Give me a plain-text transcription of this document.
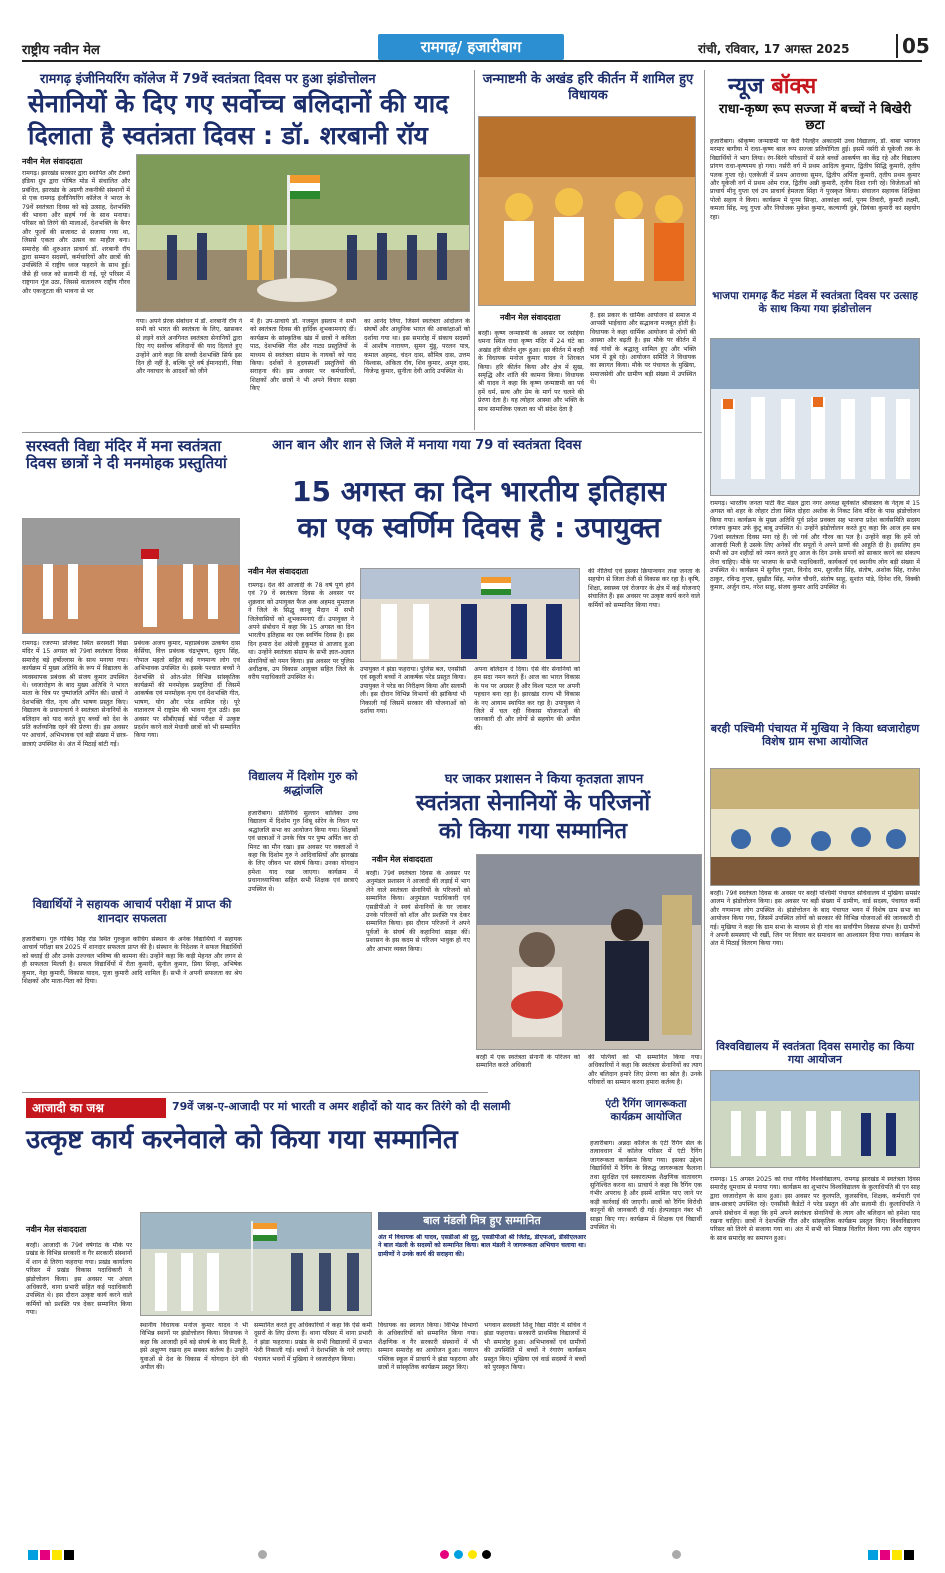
राष्ट्रीय नवीन मेल	रामगढ़/ हजारीबाग	रांची, रविवार, 17 अगस्त 2025	05
रामगढ़ इंजीनियरिंग कॉलेज में 79वें स्वतंत्रता दिवस पर हुआ झंडोत्तोलन
सेनानियों के दिए गए सर्वोच्च बलिदानों की याद
दिलाता है स्वतंत्रता दिवस : डॉ. शरबानी रॉय
नवीन मेल संवाददाता
रामगढ़। झारखंड सरकार द्वारा स्थापित और टेक्नो इंडिया ग्रुप द्वारा पोषित मोड में संचालित और प्रबंधित, झारखंड के अग्रणी तकनीकी संस्थानों में से एक रामगढ़ इंजीनियरिंग कॉलेज ने भारत के 79वें स्वतंत्रता दिवस को बड़े उत्साह, देशभक्ति की भावना और सहर्ष गर्व के साथ मनाया। परिसर को तिरंगे की मालाओं, देशभक्ति के बैनर और फूलों की सजावट से सजाया गया था, जिससे एकता और उत्सव का माहौल बना। समारोह की शुरुआत प्राचार्य डॉ. शरबानी रॉय द्वारा सम्मान सदस्यों, कर्मचारियों और छात्रों की उपस्थिति में राष्ट्रीय ध्वज फहराने के साथ हुई। जैसे ही ध्वज को सलामी दी गई, पूरे परिसर में राष्ट्रगान गूंज उठा, जिससे वातावरण राष्ट्रीय गौरव और एकजुटता की भावना से भर
गया। अपने प्रेरक संबोधन में डॉ. शरबानी रॉय ने सभी को भारत की स्वतंत्रता के लिए, खासकर से लड़ने वाले अनगिनत स्वतंत्रता सेनानियों द्वारा दिए गए सर्वोच्च बलिदानों की याद दिलाते हुए उन्होंने आगे कहा कि सच्ची देशभक्ति सिर्फ इस दिन ही नहीं है, बल्कि पूरे वर्ष ईमानदारी, निष्ठा और नवाचार के आदर्शों को जीने
में हैं। उप-प्राचार्य डॉ. नजमुल इस्लाम ने सभी को स्वतंत्रता दिवस की हार्दिक शुभकामनाएं दीं। कार्यक्रम के सांस्कृतिक खंड में छात्रों ने कविता पाठ, देशभक्ति गीत और नाट्य प्रस्तुतियों के माध्यम से स्वतंत्रता संग्राम के नायकों को याद किया। दर्शकों ने हृदयस्पर्शी प्रस्तुतियों की सराहना की। इस अवसर पर कर्मचारियों, शिक्षकों और छात्रों ने भी अपने विचार साझा किए
का आनंद लिया, जिसने स्वतंत्रता आंदोलन के संघर्षों और आधुनिक भारत की आकांक्षाओं को दर्शाया गया था। इस समारोह में संकाय सदस्यों में आशीष नारायण, सुमन मुंडू, परलन पात्र, कमाल अहमद, चंदन दास, सौमित्र दास, उत्तम विश्वास, अंकिता रॉय, शिव कुमार, अमृत दास, विजेन्द्र कुमार, सुनीता देवी आदि उपस्थित थे।
जन्माष्टमी के अखंड हरि कीर्तन में शामिल हुए विधायक
नवीन मेल संवाददाता
बरही। कृष्ण जन्माष्टमी के अवसर पर रसोईया धमना स्थित राधा कृष्ण मंदिर में 24 घंटे का अखंड हरि कीर्तन शुरू हुआ। इस कीर्तन में बरही के विधायक मनोज कुमार यादव ने शिरकत किया। हरि कीर्तन किया और क्षेत्र में सुख, समृद्धि और शांति की कामना किया। विधायक श्री यादव ने कहा कि कृष्ण जन्माष्टमी का पर्व हमें धर्म, सत्य और प्रेम के मार्ग पर चलने की प्रेरणा देता है। यह त्योहार आस्था और भक्ति के साथ सामाजिक एकता का भी संदेश देता है
है. इस प्रकार के धार्मिक आयोजन से समाज में आपसी भाईचारा और सद्भावना मजबूत होती है। विधायक ने कहा धार्मिक आयोजन से लोगों की आस्था और बढ़ती है। इस मौके पर कीर्तन में कई गांवों के श्रद्धालु शामिल हुए और भक्ति भाव में डूबे रहे। आयोजन समिति ने विधायक का स्वागत किया। मौके पर पंचायत के मुखिया, समाजसेवी और ग्रामीण बड़ी संख्या में उपस्थित थे।
न्यूज बॉक्स
राधा-कृष्ण रूप सज्जा में बच्चों ने बिखेरी छटा
हजारीबाग। श्रीकृष्ण जन्माष्टमी पर कैरी पिलहैन अकादमी उच्च विद्यालय, डॉ. बाबा भागवत मरमार बागीया में राधा-कृष्ण बाल रूप सज्जा प्रतियोगिता हुई। इसमें नर्सरी से यूकेजी तक के विद्यार्थियों ने भाग लिया। रंग-बिरंगे परिधानों में सजे बच्चों आकर्षण का केंद्र रहे और विद्यालय प्रांगण राधा-कृष्णमय हो गया। नर्सरी वर्ग में प्रथम आदित्य कुमार, द्वितीय सिद्धि कुमारी, तृतीय पलक गुप्ता रहे। एलकेजी में प्रथम आराध्या सुमन, द्वितीय अर्पिता कुमारी, तृतीय प्रथम कुमार और यूकेजी वर्ग में प्रथम ओम राज, द्वितीय अन्नी कुमारी, तृतीय दिशा रानी रहे। विजेताओं को प्राचार्य मीनू गुप्ता एवं उप प्राचार्य हेमलता सिंहा ने पुरस्कृत किया। संचालन सहायक शिक्षिका पोलो सहाय ने किया। कार्यक्रम में पूनम सिन्हा, आकांक्षा वर्मा, पूनम तिवारी, कुमारी लक्ष्मी, कमला सिंह, मधु गुप्ता और नियोजक मुकेश कुमार, कल्याणी दुबे, प्रियंका कुमारी का सहयोग रहा।
भाजपा रामगढ़ कैंट मंडल में स्वतंत्रता दिवस पर उत्साह के साथ किया गया झंडोत्तोलन
रामगढ़। भारतीय जनता पार्टी कैंट मंडल द्वारा नगर अध्यक्ष सूर्यकांत श्रीवास्तव के नेतृत्व में 15 अगस्त को शहर के लोहार टोला स्थित दोहरा अशोक के निकट शिव मंदिर के पास झंडोत्तोलन किया गया। कार्यक्रम के मुख्य अतिथि पूर्व प्रदेश प्रवक्ता सह भाजपा प्रदेश कार्यसमिति सदस्य रणंजय कुमार उर्फ कुंटू बाबू उपस्थित थे। उन्होंने झंडोत्तोलन करते हुए कहा कि आज हम सब 79वां स्वतंत्रता दिवस मना रहे हैं। जो गर्व और गौरव का पल है। उन्होंने कहा कि हमें जो आजादी मिली है उसके लिए अनेकों वीर सपूतों ने अपने प्राणों की आहुति दी है। इसलिए हम सभी को उन शहीदों को नमन करते हुए आज के दिन उनके सपनों को साकार करने का संकल्प लेना चाहिए। मौके पर भाजपा के सभी पदाधिकारी, कार्यकर्ता एवं स्थानीय लोग बड़ी संख्या में उपस्थित थे। कार्यक्रम में सुनील गुप्ता, विनोद राम, सुरजीत सिंह, संतोष, अशोक सिंह, राजेश ठाकुर, रविन्द्र गुप्ता, सुखीत सिंह, मनोज चौधरी, संतोष साहू, सुशांत पांडे, दिनेश रवि, विक्की कुमार, अर्जुन राम, नरेश साहू, संजय कुमार आदि उपस्थित थे।
बरही पश्चिमी पंचायत में मुखिया ने किया ध्वजारोहण विशेष ग्राम सभा आयोजित
बरही। 79वें स्वतंत्रता दिवस के अवसर पर बरही पश्चिमी पंचायत सचिवालय में मुखिया समसेर आलम ने झंडोत्तोलन किया। इस अवसर पर बड़ी संख्या में ग्रामीण, वार्ड सदस्य, पंचायत कर्मी और गणमान्य लोग उपस्थित थे। झंडोत्तोलन के बाद पंचायत भवन में विशेष ग्राम सभा का आयोजन किया गया, जिसमें उपस्थित लोगों को सरकार की विभिन्न योजनाओं की जानकारी दी गई। मुखिया ने कहा कि ग्राम सभा के माध्यम से ही गांव का सर्वांगीण विकास संभव है। ग्रामीणों ने अपनी समस्याएं भी रखीं, जिन पर विचार कर समाधान का आश्वासन दिया गया। कार्यक्रम के अंत में मिठाई वितरण किया गया।
विश्वविद्यालय में स्वतंत्रता दिवस समारोह का किया गया आयोजन
सरस्वती विद्या मंदिर में मना स्वतंत्रता दिवस छात्रों ने दी मनमोहक प्रस्तुतियां
रामगढ़। रजरप्पा प्रोजेक्ट स्थित सरस्वती विद्या मंदिर में 15 अगस्त को 79वां स्वतंत्रता दिवस समारोह बड़े हर्षोल्लास के साथ मनाया गया। कार्यक्रम में मुख्य अतिथि के रूप में विद्यालय के व्यवस्थापक प्रबंधक श्री संजय कुमार उपस्थित थे। ध्वजारोहण के बाद मुख्य अतिथि ने भारत माता के चित्र पर पुष्पांजलि अर्पित की। छात्रों ने देशभक्ति गीत, नृत्य और भाषण प्रस्तुत किए। विद्यालय के प्रधानाचार्य ने स्वतंत्रता सेनानियों के बलिदान को याद करते हुए बच्चों को देश के प्रति कर्तव्यनिष्ठ रहने की प्रेरणा दी। इस अवसर पर आचार्य, अभिभावक एवं बड़ी संख्या में छात्र-छात्राएं उपस्थित थे। अंत में मिठाई बांटी गई।
प्रबंधक अजय कुमार, महाप्रबंधक उत्कर्षन दास केसिंघा, वित्त प्रबंधक चंद्रभूषण, सुदय सिंह, गोपाल महतो सहित कई गणमान्य लोग एवं अभिभावक उपस्थित थे। इसके पश्चात बच्चों ने देशभक्ति से ओत-प्रोत विभिन्न सांस्कृतिक कार्यक्रमों की मनमोहक प्रस्तुतियां दीं जिसमें आकर्षक एवं मनमोहक नृत्य एवं देशभक्ति गीत, भाषण, योग और परेड शामिल रहे। पूरे वातावरण में राष्ट्रप्रेम की भावना गूंज उठी। इस अवसर पर सीबीएसई बोर्ड परीक्षा में उत्कृष्ट प्रदर्शन करने वाले मेधावी छात्रों को भी सम्मानित किया गया।
आन बान और शान से जिले में मनाया गया 79 वां स्वतंत्रता दिवस
15 अगस्त का दिन भारतीय इतिहास
का एक स्वर्णिम दिवस है : उपायुक्त
नवीन मेल संवाददाता
रामगढ़। देश की आजादी के 78 वर्ष पूर्ण होने एवं 79 वें स्वतंत्रता दिवस के अवसर पर शुक्रवार को उपायुक्त फैज अक अहमद मुमताज ने जिले के सिद्धू कान्हू मैदान में सभी जिलेवासियों को शुभकामनाएं दीं। उपायुक्त ने अपने संबोधन में कहा कि 15 अगस्त का दिन भारतीय इतिहास का एक स्वर्णिम दिवस है। इस दिन हमारा देश अंग्रेजी हुकूमत से आजाद हुआ था। उन्होंने स्वतंत्रता संग्राम के सभी ज्ञात-अज्ञात सेनानियों को नमन किया। इस अवसर पर पुलिस अधीक्षक, उप विकास आयुक्त सहित जिले के वरीय पदाधिकारी उपस्थित थे।
उपायुक्त ने झंडा फहराया। पुलिस बल, एनसीसी एवं स्कूली बच्चों ने आकर्षक परेड प्रस्तुत किया। उपायुक्त ने परेड का निरीक्षण किया और सलामी ली। इस दौरान विभिन्न विभागों की झांकियां भी निकाली गईं जिसमें सरकार की योजनाओं को दर्शाया गया।
अपना बलिदान दे दिया। ऐसे वीर सेनानियों को हम सदा नमन करते हैं। आज का भारत विकास के पथ पर अग्रसर है और विश्व पटल पर अपनी पहचान बना रहा है। झारखंड राज्य भी विकास के नए आयाम स्थापित कर रहा है। उपायुक्त ने जिले में चल रही विकास योजनाओं की जानकारी दी और लोगों से सहयोग की अपील की।
की नीतियों एवं इसका क्रियान्वयन तथा जनता के सहयोग से जिला तेजी से विकास कर रहा है। कृषि, शिक्षा, स्वास्थ्य एवं रोजगार के क्षेत्र में कई योजनाएं संचालित हैं। इस अवसर पर उत्कृष्ट कार्य करने वाले कर्मियों को सम्मानित किया गया।
विद्यालय में दिशोम गुरु को श्रद्धांजलि
हजारीबाग। प्रतिनिधि सुल्तान बालिका उच्च विद्यालय में दिशोम गुरु शिबू सोरेन के निधन पर श्रद्धांजलि सभा का आयोजन किया गया। शिक्षकों एवं छात्राओं ने उनके चित्र पर पुष्प अर्पित कर दो मिनट का मौन रखा। इस अवसर पर वक्ताओं ने कहा कि दिशोम गुरु ने आदिवासियों और झारखंड के लिए जीवन भर संघर्ष किया। उनका योगदान हमेशा याद रखा जाएगा। कार्यक्रम में प्रधानाध्यापिका सहित सभी शिक्षक एवं छात्राएं उपस्थित थे।
विद्यार्थियों ने सहायक आचार्य परीक्षा में प्राप्त की शानदार सफलता
हजारीबाग। गुरु गोबिंद सिंह रोड स्थित गुरुकुल कोचिंग संस्थान के अनेक विद्यार्थियों ने सहायक आचार्य परीक्षा सत्र 2025 में शानदार सफलता प्राप्त की है। संस्थान के निदेशक ने सफल विद्यार्थियों को बधाई दी और उनके उज्ज्वल भविष्य की कामना की। उन्होंने कहा कि कड़ी मेहनत और लगन से ही सफलता मिलती है। सफल विद्यार्थियों में रीता कुमारी, सुनील कुमार, प्रिया सिन्हा, अभिषेक कुमार, नेहा कुमारी, विकास यादव, पूजा कुमारी आदि शामिल हैं। सभी ने अपनी सफलता का श्रेय शिक्षकों और माता-पिता को दिया।
घर जाकर प्रशासन ने किया कृतज्ञता ज्ञापन
स्वतंत्रता सेनानियों के परिजनों
को किया गया सम्मानित
नवीन मेल संवाददाता
बरही। 79वें स्वतंत्रता दिवस के अवसर पर अनुमंडल प्रशासन ने आजादी की लड़ाई में भाग लेने वाले स्वतंत्रता सेनानियों के परिजनों को सम्मानित किया। अनुमंडल पदाधिकारी एवं एसडीपीओ ने स्वयं सेनानियों के घर जाकर उनके परिजनों को शॉल और प्रशस्ति पत्र देकर सम्मानित किया। इस दौरान परिजनों ने अपने पूर्वजों के संघर्ष की कहानियां साझा कीं। प्रशासन के इस कदम से परिजन भावुक हो गए और आभार व्यक्त किया।
बरही में एक स्वतंत्रता सेनानी के परिजन को सम्मानित करते अधिकारी
की पत्नियों को भी सम्मानित किया गया। अधिकारियों ने कहा कि स्वतंत्रता सेनानियों का त्याग और बलिदान हमारे लिए प्रेरणा का स्रोत है। उनके परिवारों का सम्मान करना हमारा कर्तव्य है।
आजादी का जश्न	79वें जश्न-ए-आजादी पर मां भारती व अमर शहीदों को याद कर तिरंगे को दी सलामी
उत्कृष्ट कार्य करनेवाले को किया गया सम्मानित
नवीन मेल संवाददाता
बरही। आजादी के 79वें वर्षगांठ के मौके पर प्रखंड के विभिन्न सरकारी व गैर सरकारी संस्थानों में शान से तिरंगा फहराया गया। प्रखंड कार्यालय परिसर में प्रखंड विकास पदाधिकारी ने झंडोत्तोलन किया। इस अवसर पर अंचल अधिकारी, थाना प्रभारी सहित कई पदाधिकारी उपस्थित थे। इस दौरान उत्कृष्ट कार्य करने वाले कर्मियों को प्रशस्ति पत्र देकर सम्मानित किया गया।
स्थानीय विधायक मनोज कुमार यादव ने भी विभिन्न स्थानों पर झंडोत्तोलन किया। विधायक ने कहा कि आजादी हमें बड़े संघर्ष के बाद मिली है, इसे अक्षुण्ण रखना हम सबका कर्तव्य है। उन्होंने युवाओं से देश के विकास में योगदान देने की अपील की।
सम्मानित करते हुए अधिकारियों ने कहा कि ऐसे कर्मी दूसरों के लिए प्रेरणा हैं। थाना परिसर में थाना प्रभारी ने झंडा फहराया। प्रखंड के सभी विद्यालयों में प्रभात फेरी निकाली गई। बच्चों ने देशभक्ति के नारे लगाए। पंचायत भवनों में मुखिया ने ध्वजारोहण किया।
बाल मंडली मित्र हुए सम्मानित
अंत में विधायक श्री यादव, एसडीओ श्री दुदु, एसडीपीओ श्री जितेंद्र, डीएफओ, डीसीएलआर ने बाल मंडली के सदस्यों को सम्मानित किया। बाल मंडली ने जागरूकता अभियान चलाया था। ग्रामीणों ने उनके कार्य की सराहना की।
विधायक का स्वागत किया। विभिन्न विभागों के अधिकारियों को सम्मानित किया गया। शैक्षणिक व गैर सरकारी संस्थानों में भी सम्मान समारोह का आयोजन हुआ। नवरत्न पब्लिक स्कूल में प्राचार्य ने झंडा फहराया और छात्रों ने सांस्कृतिक कार्यक्रम प्रस्तुत किए।
भगवान सरस्वती शिशु विद्या मंदिर में सचिव ने झंडा फहराया। सरकारी प्राथमिक विद्यालयों में भी समारोह हुआ। अभिभावकों एवं ग्रामीणों की उपस्थिति में बच्चों ने रंगारंग कार्यक्रम प्रस्तुत किए। मुखिया एवं वार्ड सदस्यों ने बच्चों को पुरस्कृत किया।
एंटी रैगिंग जागरूकता कार्यक्रम आयोजित
हजारीबाग। अन्नदा कॉलेज के एंटी रैगिंग सेल के तत्वावधान में कॉलेज परिसर में एंटी रैगिंग जागरूकता कार्यक्रम किया गया। इसका उद्देश्य विद्यार्थियों में रैगिंग के विरुद्ध जागरूकता फैलाना तथा सुरक्षित एवं सकारात्मक शैक्षणिक वातावरण सुनिश्चित करना था। प्राचार्य ने कहा कि रैगिंग एक गंभीर अपराध है और इसमें शामिल पाए जाने पर कड़ी कार्रवाई की जाएगी। छात्रों को रैगिंग विरोधी कानूनों की जानकारी दी गई। हेल्पलाइन नंबर भी साझा किए गए। कार्यक्रम में शिक्षक एवं विद्यार्थी उपस्थित थे।
रामगढ़। 15 अगस्त 2025 को राधा गोविंद विश्वविद्यालय, रामगढ़ झारखंड में स्वतंत्रता दिवस समारोह धूमधाम से मनाया गया। कार्यक्रम का शुभारंभ विश्वविद्यालय के कुलाधिपति बी एन साह द्वारा ध्वजारोहण के साथ हुआ। इस अवसर पर कुलपति, कुलसचिव, शिक्षक, कर्मचारी एवं छात्र-छात्राएं उपस्थित रहे। एनसीसी कैडेटों ने परेड प्रस्तुत की और सलामी दी। कुलाधिपति ने अपने संबोधन में कहा कि हमें अपने स्वतंत्रता सेनानियों के त्याग और बलिदान को हमेशा याद रखना चाहिए। छात्रों ने देशभक्ति गीत और सांस्कृतिक कार्यक्रम प्रस्तुत किए। विश्वविद्यालय परिसर को तिरंगे से सजाया गया था। अंत में सभी को मिष्ठान्न वितरित किया गया और राष्ट्रगान के साथ समारोह का समापन हुआ।
